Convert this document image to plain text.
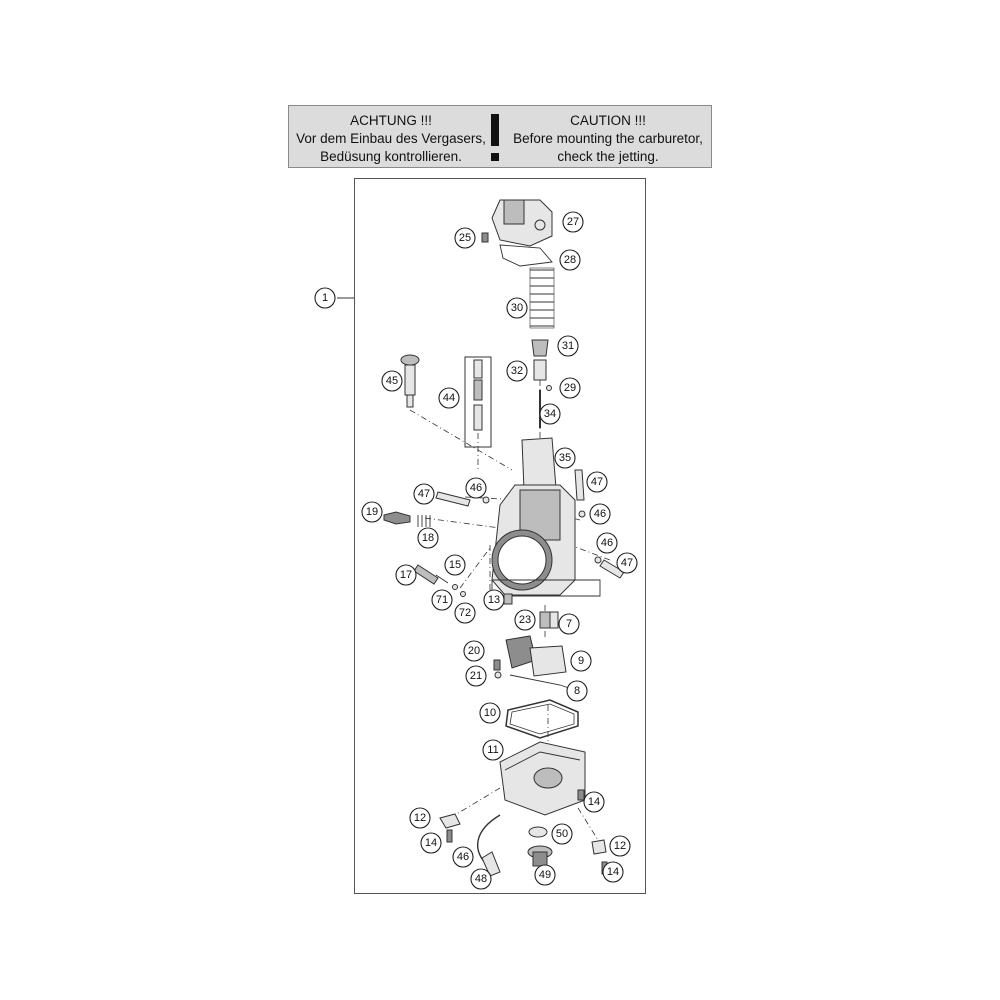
ACHTUNG !!!
Vor dem Einbau des Vergasers,
Bedüsung kontrollieren.
CAUTION !!!
Before mounting the carburetor,
check the jetting.
1
27
25
28
30
31
32
29
34
45
44
35
47	46	47
46
19
18	46
47
15
17
71
72
13
23	7
20
9
21
8
10
11
14
12
14
50
12
46
48	49	14
